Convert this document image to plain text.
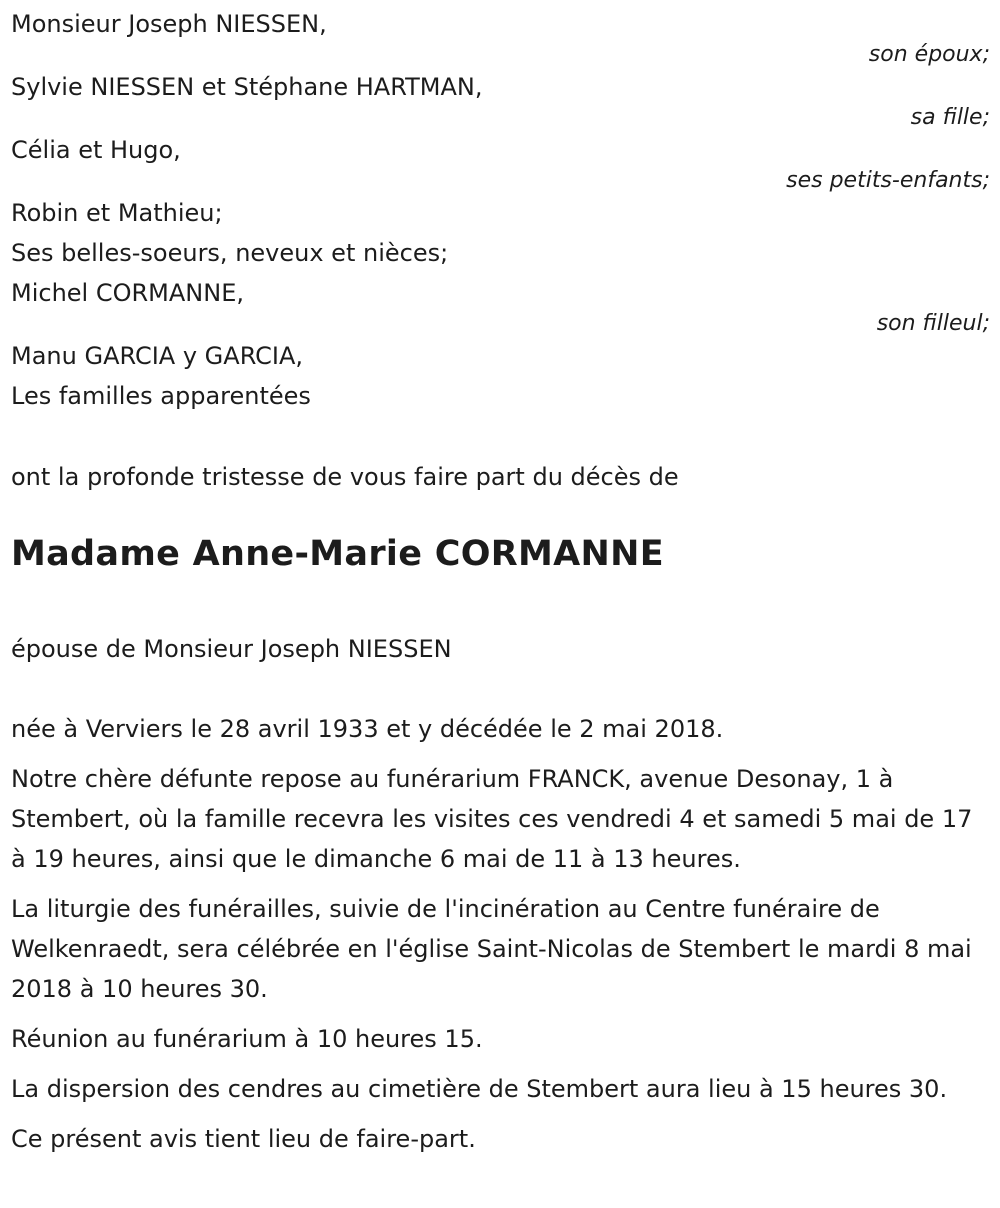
Monsieur Joseph NIESSEN,
son époux;
Sylvie NIESSEN et Stéphane HARTMAN,
sa fille;
Célia et Hugo,
ses petits-enfants;
Robin et Mathieu;
Ses belles-soeurs, neveux et nièces;
Michel CORMANNE,
son filleul;
Manu GARCIA y GARCIA,
Les familles apparentées
ont la profonde tristesse de vous faire part du décès de
Madame Anne-Marie CORMANNE
épouse de Monsieur Joseph NIESSEN

née à Verviers le 28 avril 1933 et y décédée le 2 mai 2018.

Notre chère défunte repose au funérarium FRANCK, avenue Desonay, 1 à Stembert, où la famille recevra les visites ces vendredi 4 et samedi 5 mai de 17 à 19 heures, ainsi que le dimanche 6 mai de 11 à 13 heures.

La liturgie des funérailles, suivie de l'incinération au Centre funéraire de Welkenraedt, sera célébrée en l'église Saint-Nicolas de Stembert le mardi 8 mai 2018 à 10 heures 30.

Réunion au funérarium à 10 heures 15.

La dispersion des cendres au cimetière de Stembert aura lieu à 15 heures 30.

Ce présent avis tient lieu de faire-part.
